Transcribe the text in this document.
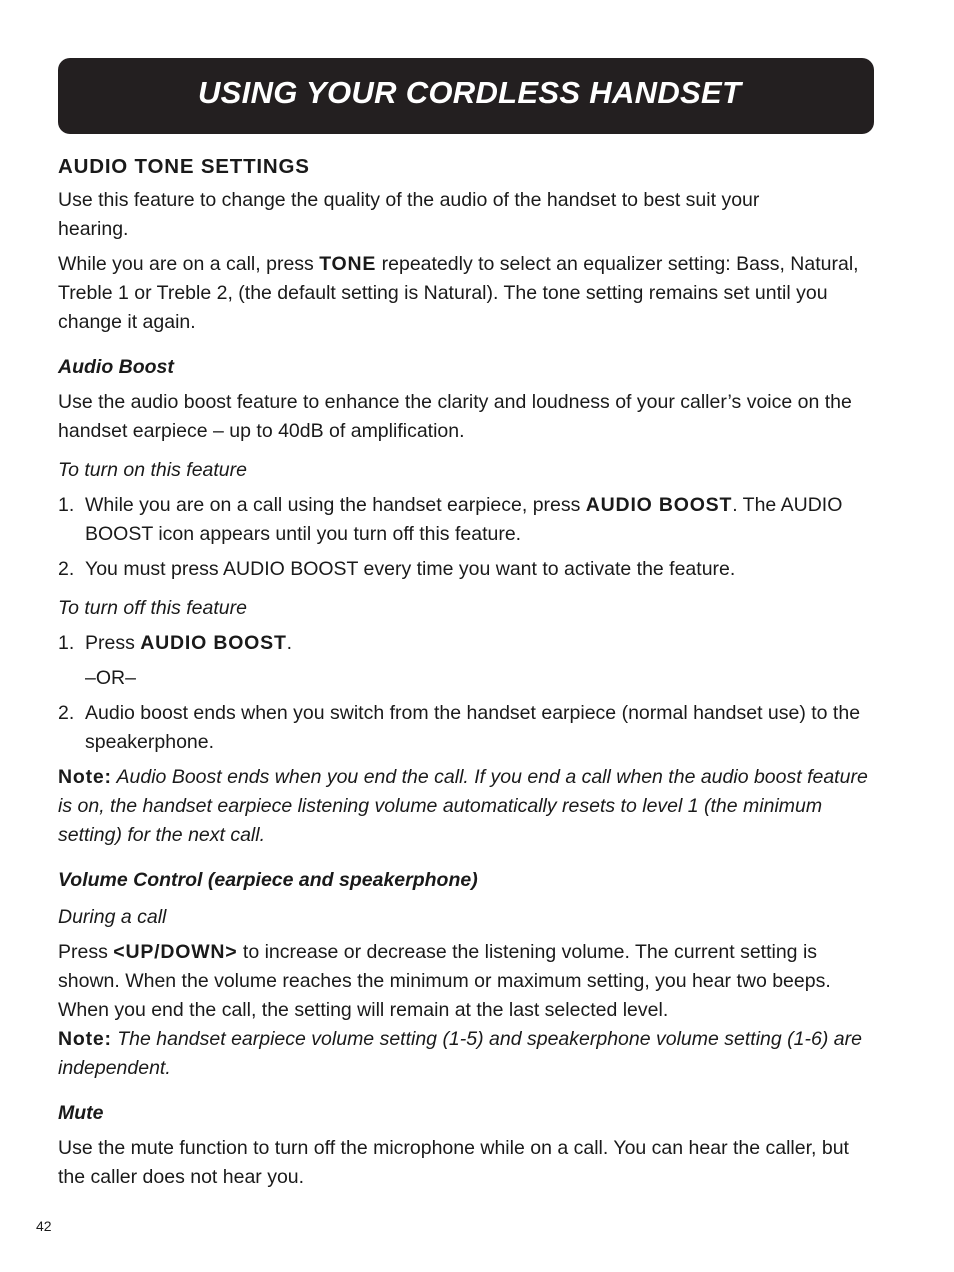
USING YOUR CORDLESS HANDSET
AUDIO TONE SETTINGS

Use this feature to change the quality of the audio of the handset to best suit your hearing.

While you are on a call, press TONE repeatedly to select an equalizer setting: Bass, Natural, Treble 1 or Treble 2, (the default setting is Natural). The tone setting remains set until you change it again.

Audio Boost

Use the audio boost feature to enhance the clarity and loudness of your caller’s voice on the handset earpiece – up to 40dB of amplification.

To turn on this feature
1. While you are on a call using the handset earpiece, press AUDIO BOOST. The AUDIO BOOST icon appears until you turn off this feature.
2. You must press AUDIO BOOST every time you want to activate the feature.
To turn off this feature
1. Press AUDIO BOOST.
–OR–
2. Audio boost ends when you switch from the handset earpiece (normal handset use) to the speakerphone.

Note: Audio Boost ends when you end the call. If you end a call when the audio boost feature is on, the handset earpiece listening volume automatically resets to level 1 (the minimum setting) for the next call.

Volume Control (earpiece and speakerphone)
During a call

Press <UP/DOWN> to increase or decrease the listening volume. The current setting is shown. When the volume reaches the minimum or maximum setting, you hear two beeps. When you end the call, the setting will remain at the last selected level.

Note: The handset earpiece volume setting (1-5) and speakerphone volume setting (1-6) are independent.

Mute

Use the mute function to turn off the microphone while on a call. You can hear the caller, but the caller does not hear you.

42
